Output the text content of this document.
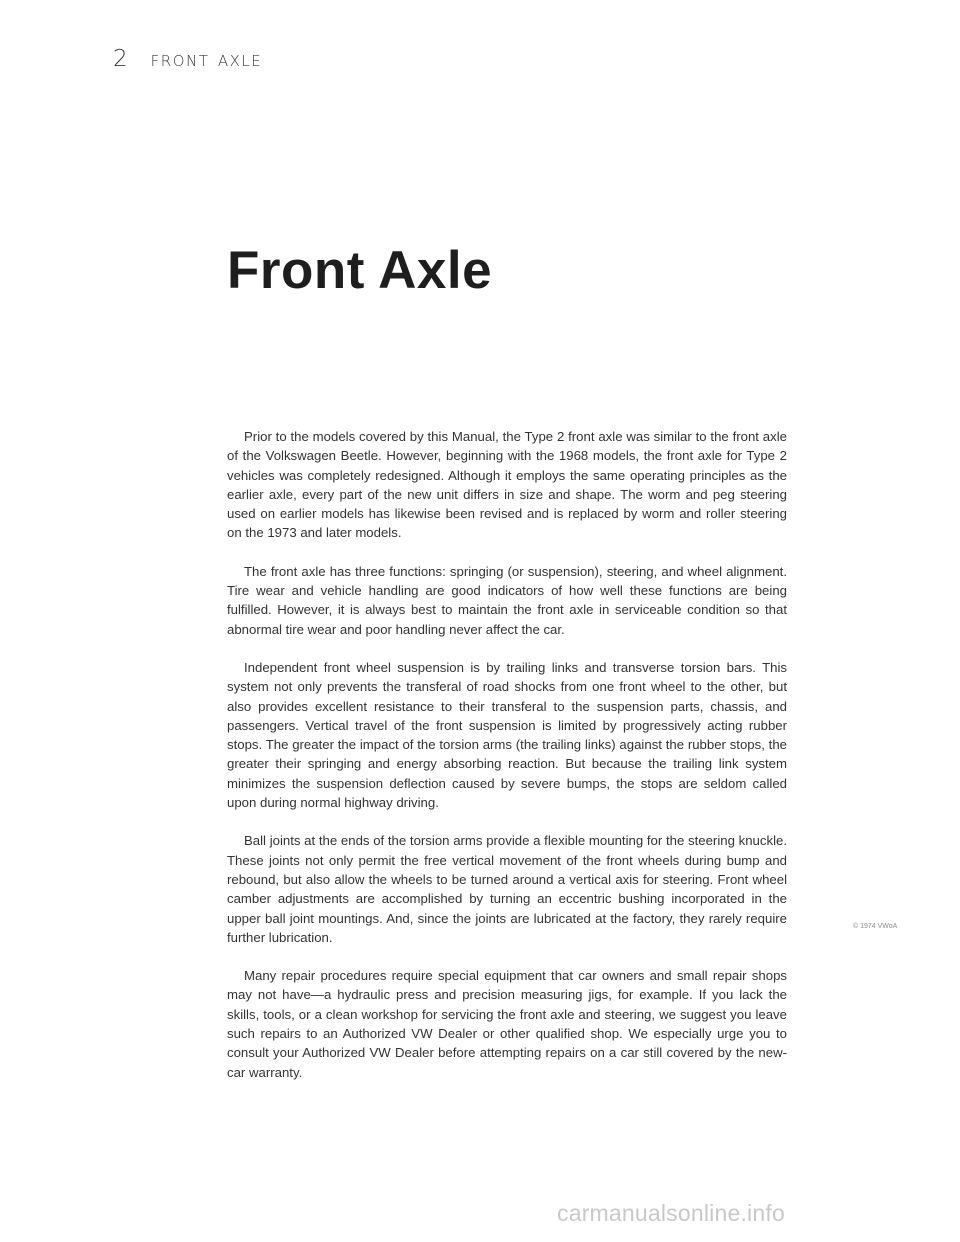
2 front axle
Front Axle

Prior to the models covered by this Manual, the Type 2 front axle was similar to the front axle of the Volkswagen Beetle. However, beginning with the 1968 models, the front axle for Type 2 vehicles was completely redesigned. Although it employs the same operating principles as the earlier axle, every part of the new unit differs in size and shape. The worm and peg steering used on earlier models has likewise been revised and is replaced by worm and roller steering on the 1973 and later models.

The front axle has three functions: springing (or suspension), steering, and wheel alignment. Tire wear and vehicle handling are good indicators of how well these functions are being fulfilled. However, it is always best to maintain the front axle in serviceable condition so that abnormal tire wear and poor handling never affect the car.

Independent front wheel suspension is by trailing links and transverse torsion bars. This system not only prevents the transferal of road shocks from one front wheel to the other, but also provides excellent resistance to their transferal to the suspension parts, chassis, and passengers. Vertical travel of the front suspension is limited by progressively acting rubber stops. The greater the impact of the torsion arms (the trailing links) against the rubber stops, the greater their springing and energy absorbing reaction. But because the trailing link system minimizes the suspension deflection caused by severe bumps, the stops are seldom called upon during normal highway driving.

Ball joints at the ends of the torsion arms provide a flexible mounting for the steering knuckle. These joints not only permit the free vertical movement of the front wheels during bump and rebound, but also allow the wheels to be turned around a vertical axis for steering. Front wheel camber adjustments are accomplished by turning an eccentric bushing incorporated in the upper ball joint mountings. And, since the joints are lubricated at the factory, they rarely require further lubrication.

Many repair procedures require special equipment that car owners and small repair shops may not have—a hydraulic press and precision measuring jigs, for example. If you lack the skills, tools, or a clean workshop for servicing the front axle and steering, we suggest you leave such repairs to an Authorized VW Dealer or other qualified shop. We especially urge you to consult your Authorized VW Dealer before attempting repairs on a car still covered by the new-car warranty.

© 1974 VWoA
carmanualsonline.info
